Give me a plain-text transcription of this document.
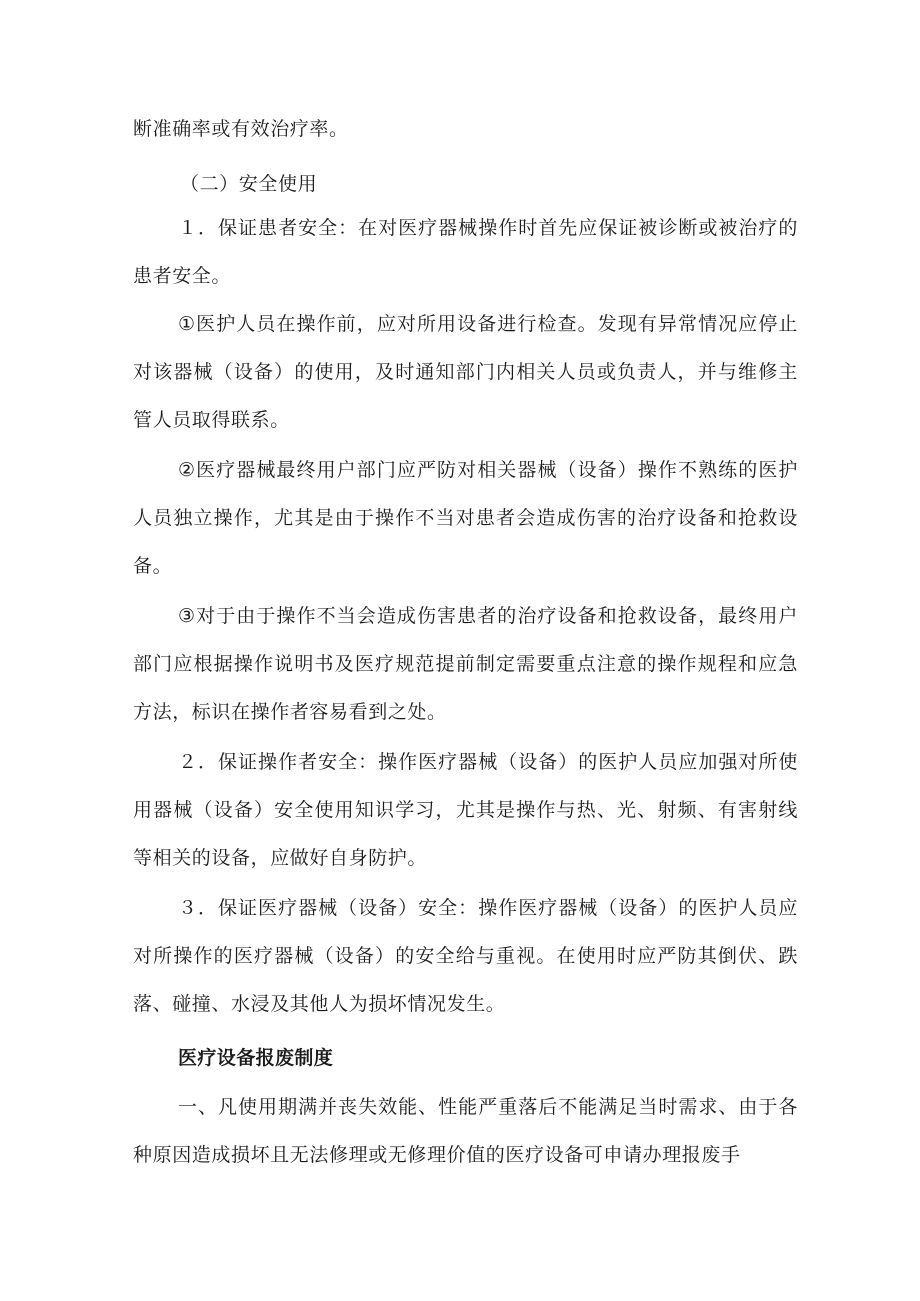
断准确率或有效治疗率。

（二）安全使用

１．保证患者安全：在对医疗器械操作时首先应保证被诊断或被治疗的患者安全。

①医护人员在操作前，应对所用设备进行检查。发现有异常情况应停止对该器械（设备）的使用，及时通知部门内相关人员或负责人，并与维修主管人员取得联系。

②医疗器械最终用户部门应严防对相关器械（设备）操作不熟练的医护人员独立操作，尤其是由于操作不当对患者会造成伤害的治疗设备和抢救设备。

③对于由于操作不当会造成伤害患者的治疗设备和抢救设备，最终用户部门应根据操作说明书及医疗规范提前制定需要重点注意的操作规程和应急方法，标识在操作者容易看到之处。

２．保证操作者安全：操作医疗器械（设备）的医护人员应加强对所使用器械（设备）安全使用知识学习，尤其是操作与热、光、射频、有害射线等相关的设备，应做好自身防护。

３．保证医疗器械（设备）安全：操作医疗器械（设备）的医护人员应对所操作的医疗器械（设备）的安全给与重视。在使用时应严防其倒伏、跌落、碰撞、水浸及其他人为损坏情况发生。

医疗设备报废制度

一、凡使用期满并丧失效能、性能严重落后不能满足当时需求、由于各种原因造成损坏且无法修理或无修理价值的医疗设备可申请办理报废手
